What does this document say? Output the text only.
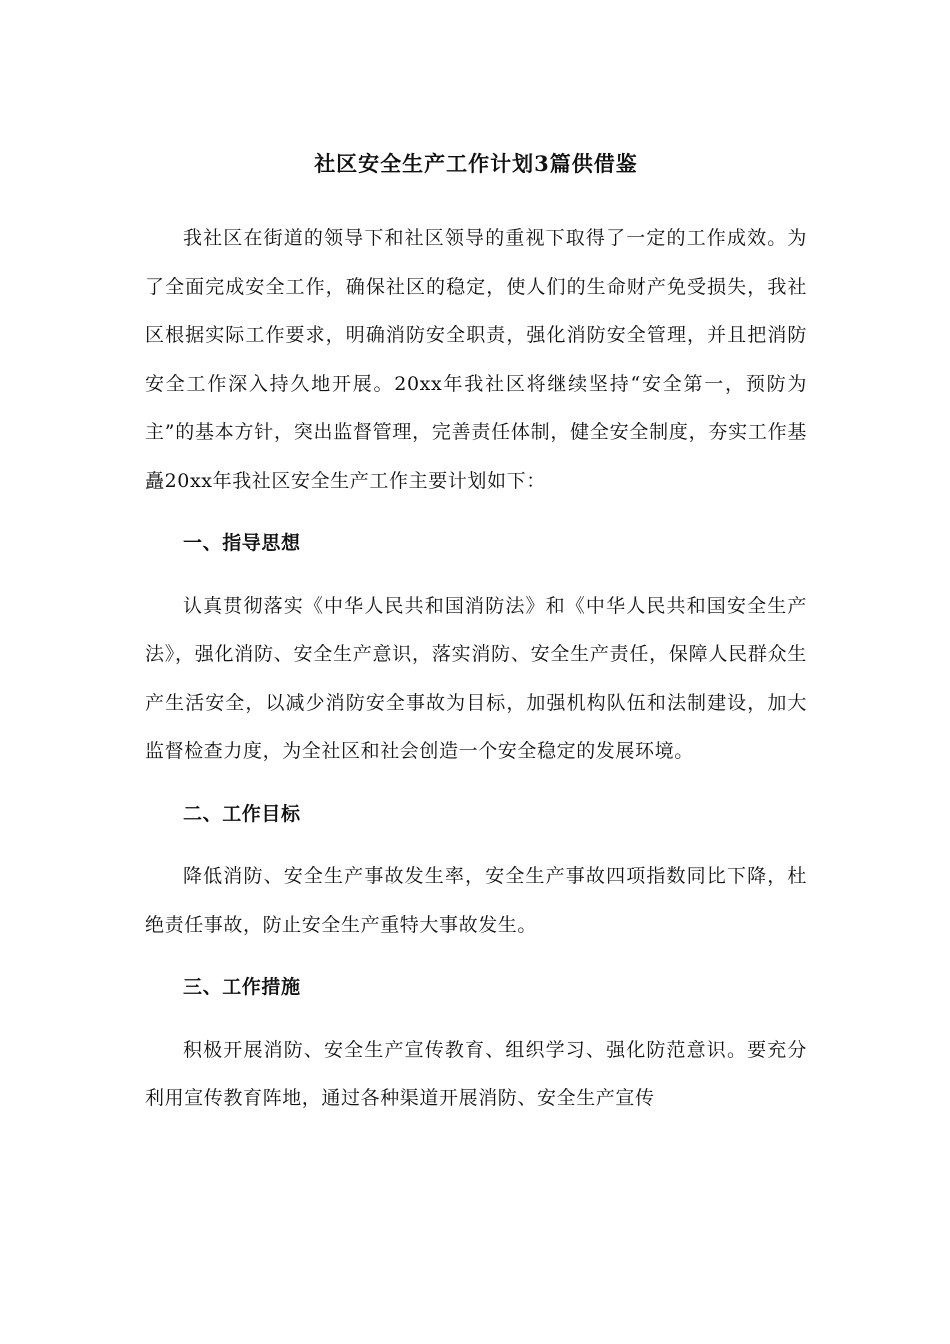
社区安全生产工作计划3篇供借鉴

我社区在街道的领导下和社区领导的重视下取得了一定的工作成效。为了全面完成安全工作，确保社区的稳定，使人们的生命财产免受损失，我社区根据实际工作要求，明确消防安全职责，强化消防安全管理，并且把消防安全工作深入持久地开展。20xx年我社区将继续坚持“安全第一，预防为主”的基本方针，突出监督管理，完善责任体制，健全安全制度，夯实工作基矗20xx年我社区安全生产工作主要计划如下：

一、指导思想

认真贯彻落实《中华人民共和国消防法》和《中华人民共和国安全生产法》，强化消防、安全生产意识，落实消防、安全生产责任，保障人民群众生产生活安全，以减少消防安全事故为目标，加强机构队伍和法制建设，加大监督检查力度，为全社区和社会创造一个安全稳定的发展环境。

二、工作目标

降低消防、安全生产事故发生率，安全生产事故四项指数同比下降，杜绝责任事故，防止安全生产重特大事故发生。

三、工作措施

积极开展消防、安全生产宣传教育、组织学习、强化防范意识。要充分利用宣传教育阵地，通过各种渠道开展消防、安全生产宣传
